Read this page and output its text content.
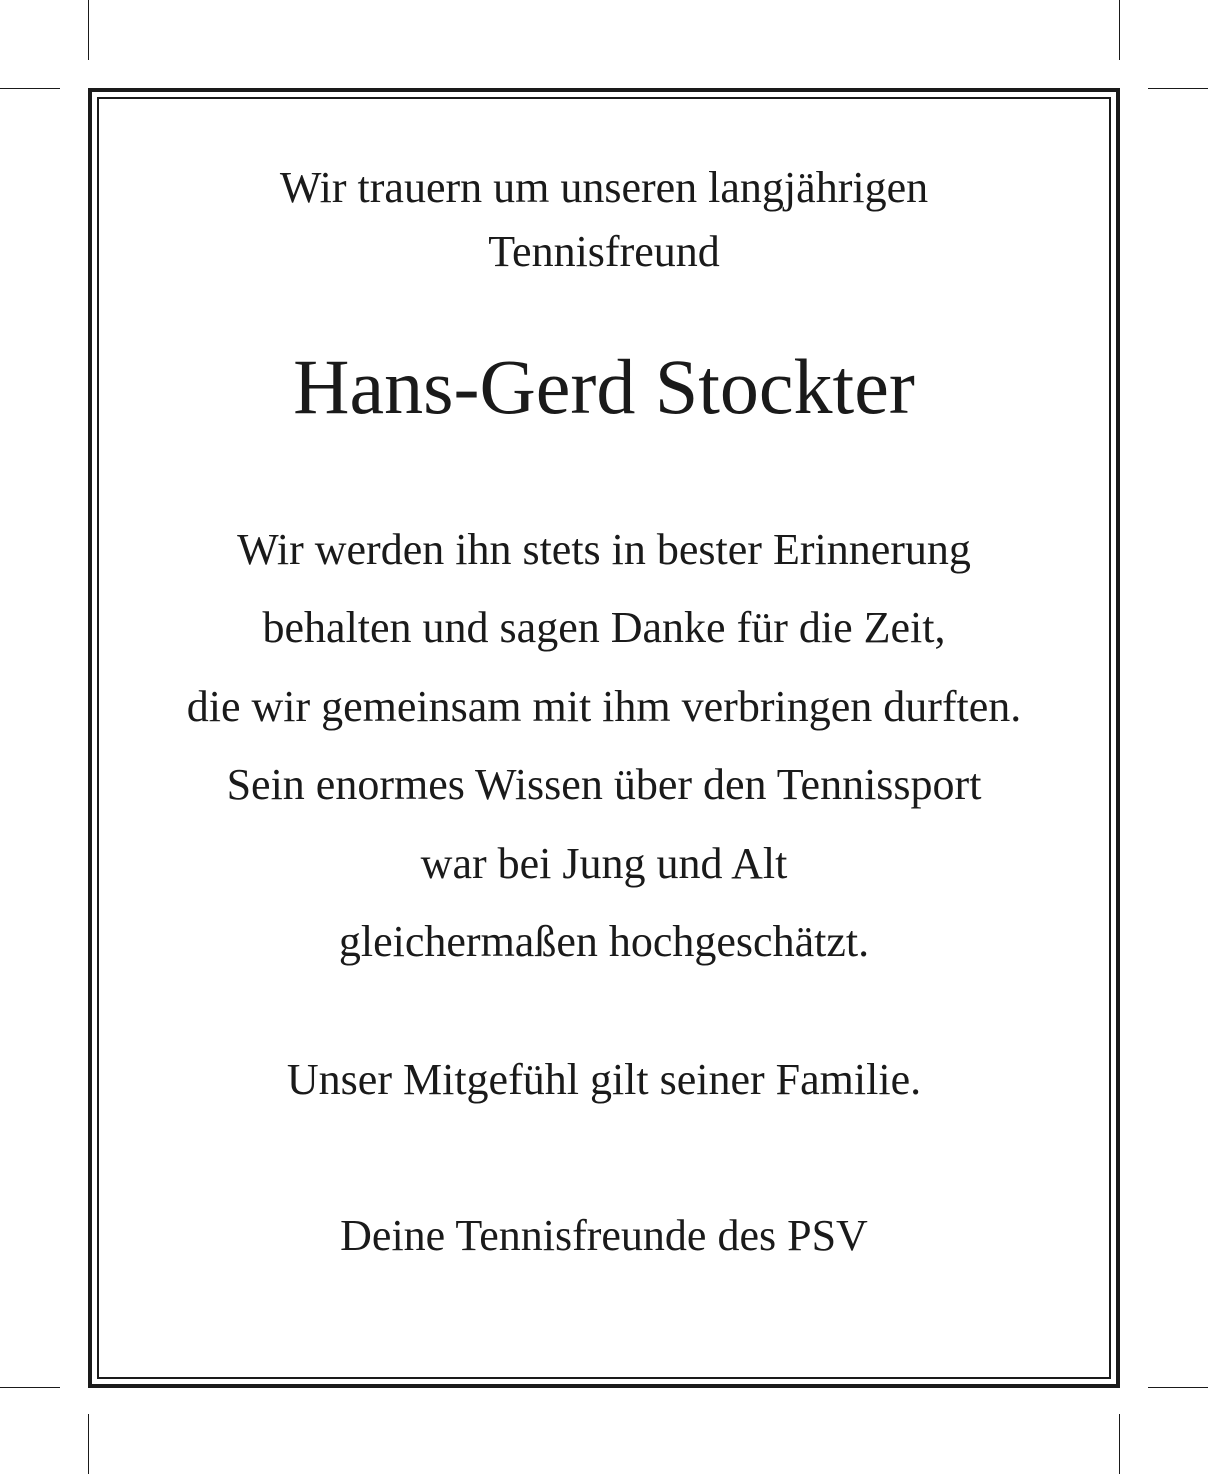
Wir trauern um unseren langjährigen
Tennisfreund
Hans-Gerd Stockter
Wir werden ihn stets in bester Erinnerung
behalten und sagen Danke für die Zeit,
die wir gemeinsam mit ihm verbringen durften.
Sein enormes Wissen über den Tennissport
war bei Jung und Alt
gleichermaßen hochgeschätzt.
Unser Mitgefühl gilt seiner Familie.
Deine Tennisfreunde des PSV
